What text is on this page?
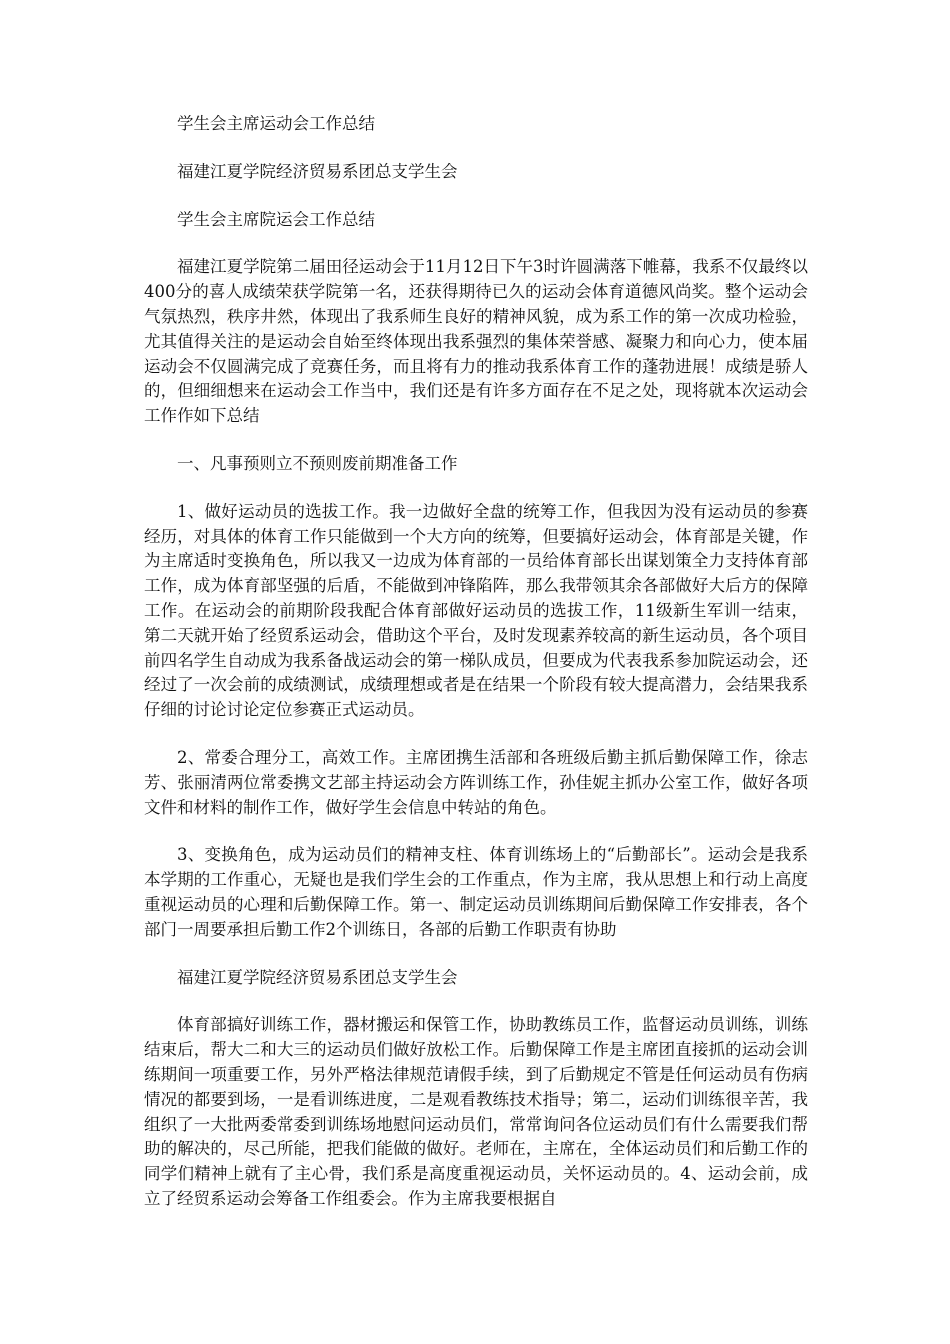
学生会主席运动会工作总结

福建江夏学院经济贸易系团总支学生会

学生会主席院运会工作总结

福建江夏学院第二届田径运动会于11月12日下午3时许圆满落下帷幕，我系不仅最终以400分的喜人成绩荣获学院第一名，还获得期待已久的运动会体育道德风尚奖。整个运动会气氛热烈，秩序井然，体现出了我系师生良好的精神风貌，成为系工作的第一次成功检验，尤其值得关注的是运动会自始至终体现出我系强烈的集体荣誉感、凝聚力和向心力，使本届运动会不仅圆满完成了竞赛任务，而且将有力的推动我系体育工作的蓬勃进展！成绩是骄人的，但细细想来在运动会工作当中，我们还是有许多方面存在不足之处，现将就本次运动会工作作如下总结

一、凡事预则立不预则废前期准备工作

1、做好运动员的选拔工作。我一边做好全盘的统筹工作，但我因为没有运动员的参赛经历，对具体的体育工作只能做到一个大方向的统筹，但要搞好运动会，体育部是关键，作为主席适时变换角色，所以我又一边成为体育部的一员给体育部长出谋划策全力支持体育部工作，成为体育部坚强的后盾，不能做到冲锋陷阵，那么我带领其余各部做好大后方的保障工作。在运动会的前期阶段我配合体育部做好运动员的选拔工作，11级新生军训一结束，第二天就开始了经贸系运动会，借助这个平台，及时发现素养较高的新生运动员，各个项目前四名学生自动成为我系备战运动会的第一梯队成员，但要成为代表我系参加院运动会，还经过了一次会前的成绩测试，成绩理想或者是在结果一个阶段有较大提高潜力，会结果我系仔细的讨论讨论定位参赛正式运动员。

2、常委合理分工，高效工作。主席团携生活部和各班级后勤主抓后勤保障工作，徐志芳、张丽清两位常委携文艺部主持运动会方阵训练工作，孙佳妮主抓办公室工作，做好各项文件和材料的制作工作，做好学生会信息中转站的角色。

3、变换角色，成为运动员们的精神支柱、体育训练场上的“后勤部长”。运动会是我系本学期的工作重心，无疑也是我们学生会的工作重点，作为主席，我从思想上和行动上高度重视运动员的心理和后勤保障工作。第一、制定运动员训练期间后勤保障工作安排表，各个部门一周要承担后勤工作2个训练日，各部的后勤工作职责有协助

福建江夏学院经济贸易系团总支学生会

体育部搞好训练工作，器材搬运和保管工作，协助教练员工作，监督运动员训练，训练结束后，帮大二和大三的运动员们做好放松工作。后勤保障工作是主席团直接抓的运动会训练期间一项重要工作，另外严格法律规范请假手续，到了后勤规定不管是任何运动员有伤病情况的都要到场，一是看训练进度，二是观看教练技术指导；第二，运动们训练很辛苦，我组织了一大批两委常委到训练场地慰问运动员们，常常询问各位运动员们有什么需要我们帮助的解决的，尽己所能，把我们能做的做好。老师在，主席在，全体运动员们和后勤工作的同学们精神上就有了主心骨，我们系是高度重视运动员，关怀运动员的。4、运动会前，成立了经贸系运动会筹备工作组委会。作为主席我要根据自
